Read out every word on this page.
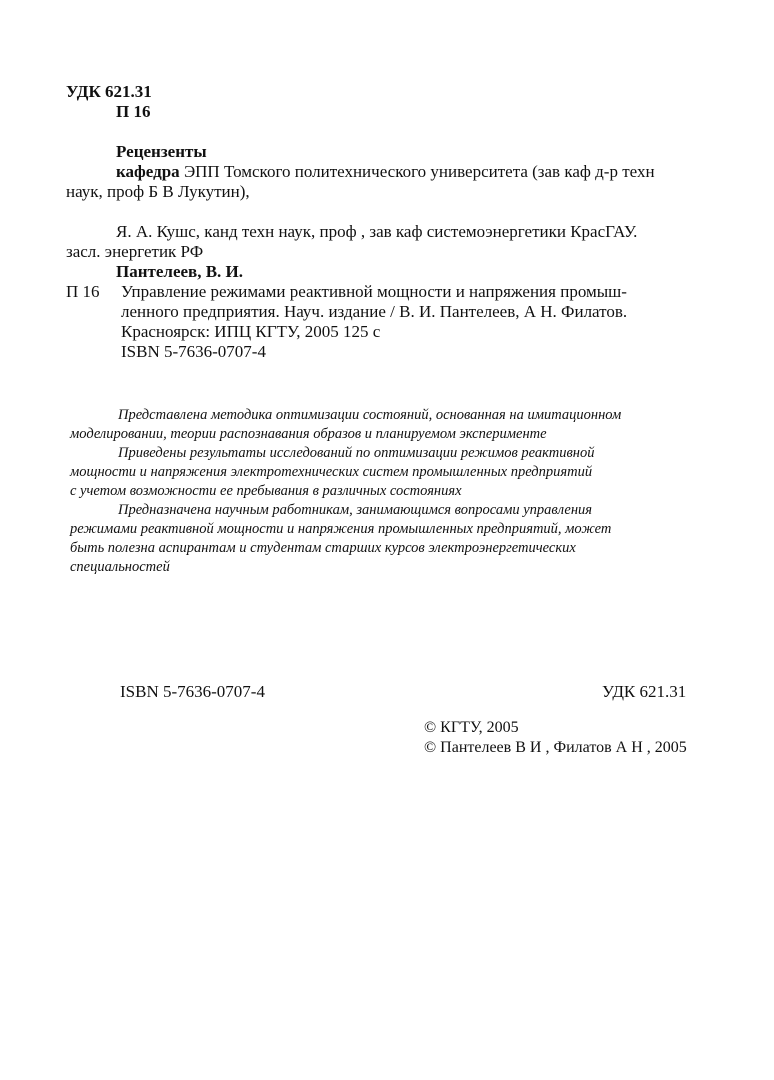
УДК 621.31
П 16
Рецензенты
кафедра ЭПП Томского политехнического университета (зав каф д-р техн
наук, проф Б В Лукутин),
Я. А. Кушс, канд техн наук, проф , зав каф системоэнергетики КрасГАУ.
засл. энергетик РФ
Пантелеев, В. И.
П 16 Управление режимами реактивной мощности и напряжения промыш-
ленного предприятия. Науч. издание / В. И. Пантелеев, А Н. Филатов.
Красноярск: ИПЦ КГТУ, 2005 125 с
ISBN 5-7636-0707-4
Представлена методика оптимизации состояний, основанная на имитационном
моделировании, теории распознавания образов и планируемом эксперименте
Приведены результаты исследований по оптимизации режимов реактивной
мощности и напряжения электротехнических систем промышленных предприятий
с учетом возможности ее пребывания в различных состояниях
Предназначена научным работникам, занимающимся вопросами управления
режимами реактивной мощности и напряжения промышленных предприятий, может
быть полезна аспирантам и студентам старших курсов электроэнергетических
специальностей
ISBN 5-7636-0707-4	УДК 621.31
© КГТУ, 2005
© Пантелеев В И , Филатов А Н , 2005
